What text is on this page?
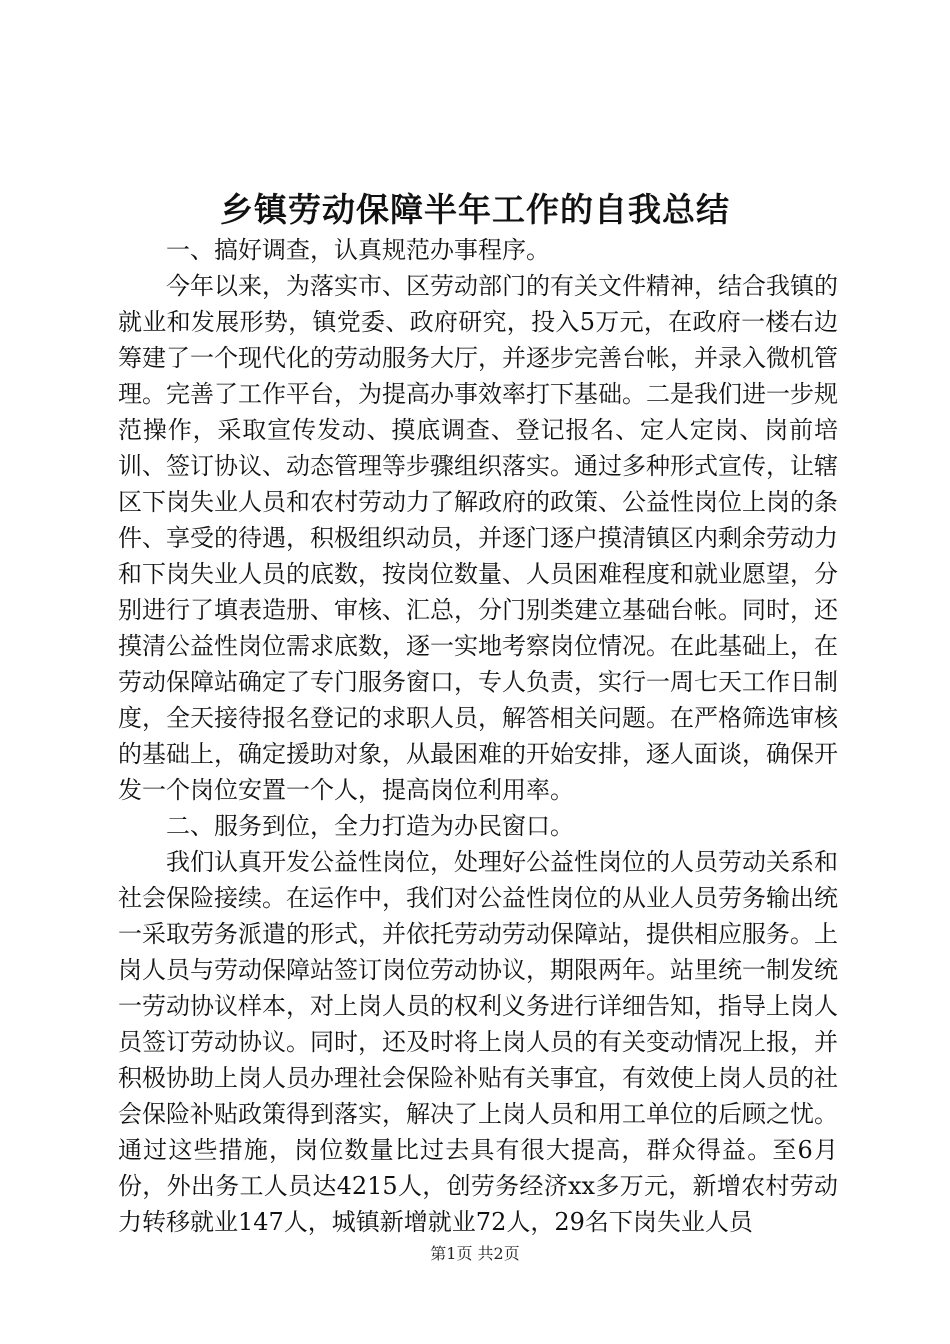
乡镇劳动保障半年工作的自我总结

一、搞好调查，认真规范办事程序。

今年以来，为落实市、区劳动部门的有关文件精神，结合我镇的就业和发展形势，镇党委、政府研究，投入5万元，在政府一楼右边筹建了一个现代化的劳动服务大厅，并逐步完善台帐，并录入微机管理。完善了工作平台，为提高办事效率打下基础。二是我们进一步规范操作，采取宣传发动、摸底调查、登记报名、定人定岗、岗前培训、签订协议、动态管理等步骤组织落实。通过多种形式宣传，让辖区下岗失业人员和农村劳动力了解政府的政策、公益性岗位上岗的条件、享受的待遇，积极组织动员，并逐门逐户摸清镇区内剩余劳动力和下岗失业人员的底数，按岗位数量、人员困难程度和就业愿望，分别进行了填表造册、审核、汇总，分门别类建立基础台帐。同时，还摸清公益性岗位需求底数，逐一实地考察岗位情况。在此基础上，在劳动保障站确定了专门服务窗口，专人负责，实行一周七天工作日制度，全天接待报名登记的求职人员，解答相关问题。在严格筛选审核的基础上，确定援助对象，从最困难的开始安排，逐人面谈，确保开发一个岗位安置一个人，提高岗位利用率。

二、服务到位，全力打造为办民窗口。

我们认真开发公益性岗位，处理好公益性岗位的人员劳动关系和社会保险接续。在运作中，我们对公益性岗位的从业人员劳务输出统一采取劳务派遣的形式，并依托劳动劳动保障站，提供相应服务。上岗人员与劳动保障站签订岗位劳动协议，期限两年。站里统一制发统一劳动协议样本，对上岗人员的权利义务进行详细告知，指导上岗人员签订劳动协议。同时，还及时将上岗人员的有关变动情况上报，并积极协助上岗人员办理社会保险补贴有关事宜，有效使上岗人员的社会保险补贴政策得到落实，解决了上岗人员和用工单位的后顾之忧。通过这些措施，岗位数量比过去具有很大提高，群众得益。至6月份，外出务工人员达4215人，创劳务经济xx多万元，新增农村劳动力转移就业147人，城镇新增就业72人，29名下岗失业人员

第1页 共2页
